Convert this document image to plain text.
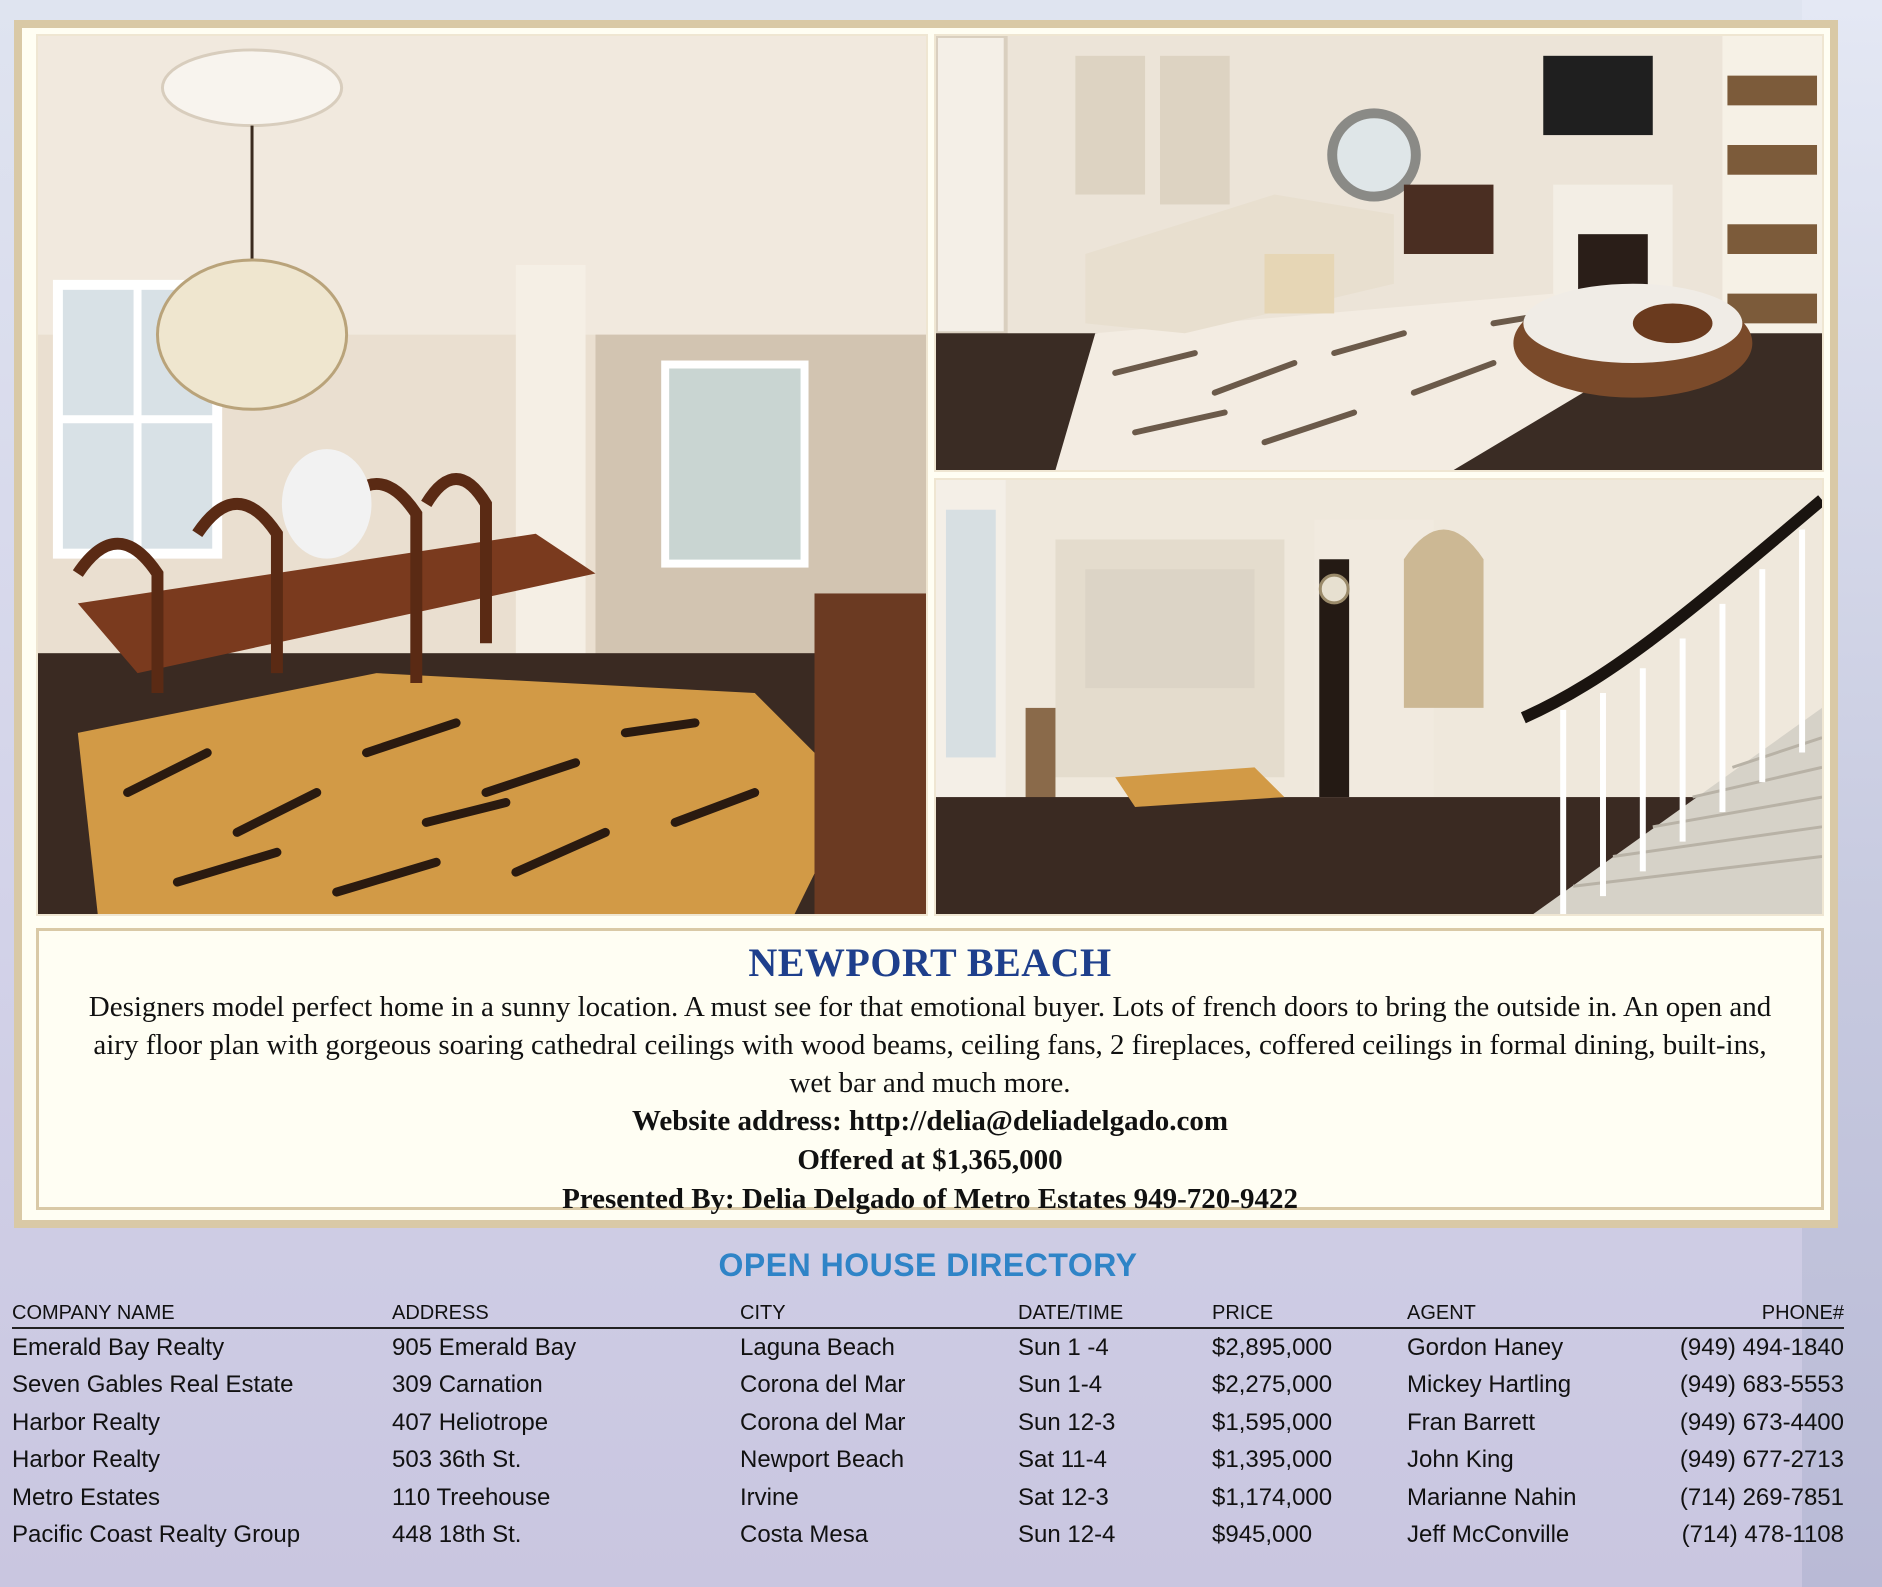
NEWPORT BEACH
Designers model perfect home in a sunny location. A must see for that emotional buyer. Lots of french doors to bring the outside in. An open and airy floor plan with gorgeous soaring cathedral ceilings with wood beams, ceiling fans, 2 fireplaces, coffered ceilings in formal dining, built-ins, wet bar and much more.
Website address: http://delia@deliadelgado.com
Offered at $1,365,000
Presented By: Delia Delgado of Metro Estates 949-720-9422
OPEN HOUSE DIRECTORY
COMPANY NAME	ADDRESS	CITY	DATE/TIME	PRICE	AGENT	PHONE#
Emerald Bay Realty	905 Emerald Bay	Laguna Beach	Sun 1 -4	$2,895,000	Gordon Haney	(949) 494-1840
Seven Gables Real Estate	309 Carnation	Corona del Mar	Sun 1-4	$2,275,000	Mickey Hartling	(949) 683-5553
Harbor Realty	407 Heliotrope	Corona del Mar	Sun 12-3	$1,595,000	Fran Barrett	(949) 673-4400
Harbor Realty	503 36th St.	Newport Beach	Sat 11-4	$1,395,000	John King	(949) 677-2713
Metro Estates	110 Treehouse	Irvine	Sat 12-3	$1,174,000	Marianne Nahin	(714) 269-7851
Pacific Coast Realty Group	448 18th St.	Costa Mesa	Sun 12-4	$945,000	Jeff McConville	(714) 478-1108
